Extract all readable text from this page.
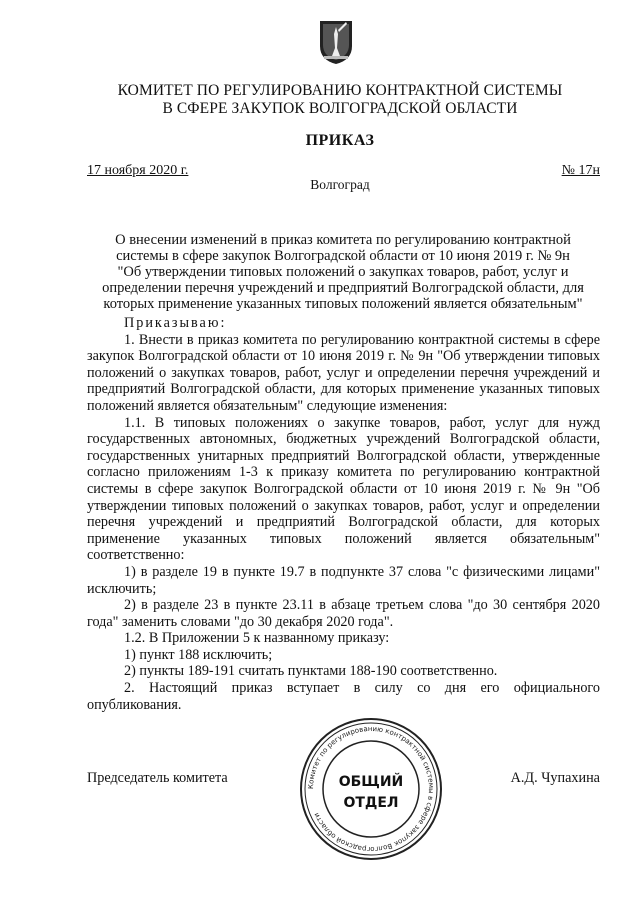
КОМИТЕТ ПО РЕГУЛИРОВАНИЮ КОНТРАКТНОЙ СИСТЕМЫ
В СФЕРЕ ЗАКУПОК ВОЛГОГРАДСКОЙ ОБЛАСТИ
ПРИКАЗ
17 ноября 2020 г.	№ 17н
Волгоград
О внесении изменений в приказ комитета по регулированию контрактной
системы в сфере закупок Волгоградской области от 10 июня 2019 г. № 9н
"Об утверждении типовых положений о закупках товаров, работ, услуг и
определении перечня учреждений и предприятий Волгоградской области, для
которых применение указанных типовых положений является обязательным"

Приказываю:

1. Внести в приказ комитета по регулированию контрактной системы в сфере закупок Волгоградской области от 10 июня 2019 г. № 9н "Об утверждении типовых положений о закупках товаров, работ, услуг и определении перечня учреждений и предприятий Волгоградской области, для которых применение указанных типовых положений является обязательным" следующие изменения:

1.1. В типовых положениях о закупке товаров, работ, услуг для нужд государственных автономных, бюджетных учреждений Волгоградской области, государственных унитарных предприятий Волгоградской области, утвержденные согласно приложениям 1-3 к приказу комитета по регулированию контрактной системы в сфере закупок Волгоградской области от 10 июня 2019 г. № 9н "Об утверждении типовых положений о закупках товаров, работ, услуг и определении перечня учреждений и предприятий Волгоградской области, для которых применение указанных типовых положений является обязательным" соответственно:

1) в разделе 19 в пункте 19.7 в подпункте 37 слова "с физическими лицами" исключить;

2) в разделе 23 в пункте 23.11 в абзаце третьем слова "до 30 сентября 2020 года" заменить словами "до 30 декабря 2020 года".

1.2. В Приложении 5 к названному приказу:

1) пункт 188 исключить;

2) пункты 189-191 считать пунктами 188-190 соответственно.

2. Настоящий приказ вступает в силу со дня его официального опубликования.

Председатель комитета	А.Д. Чупахина
Комитет по регулированию контрактной системы в сфере закупок Волгоградской области
ОБЩИЙ
ОТДЕЛ
